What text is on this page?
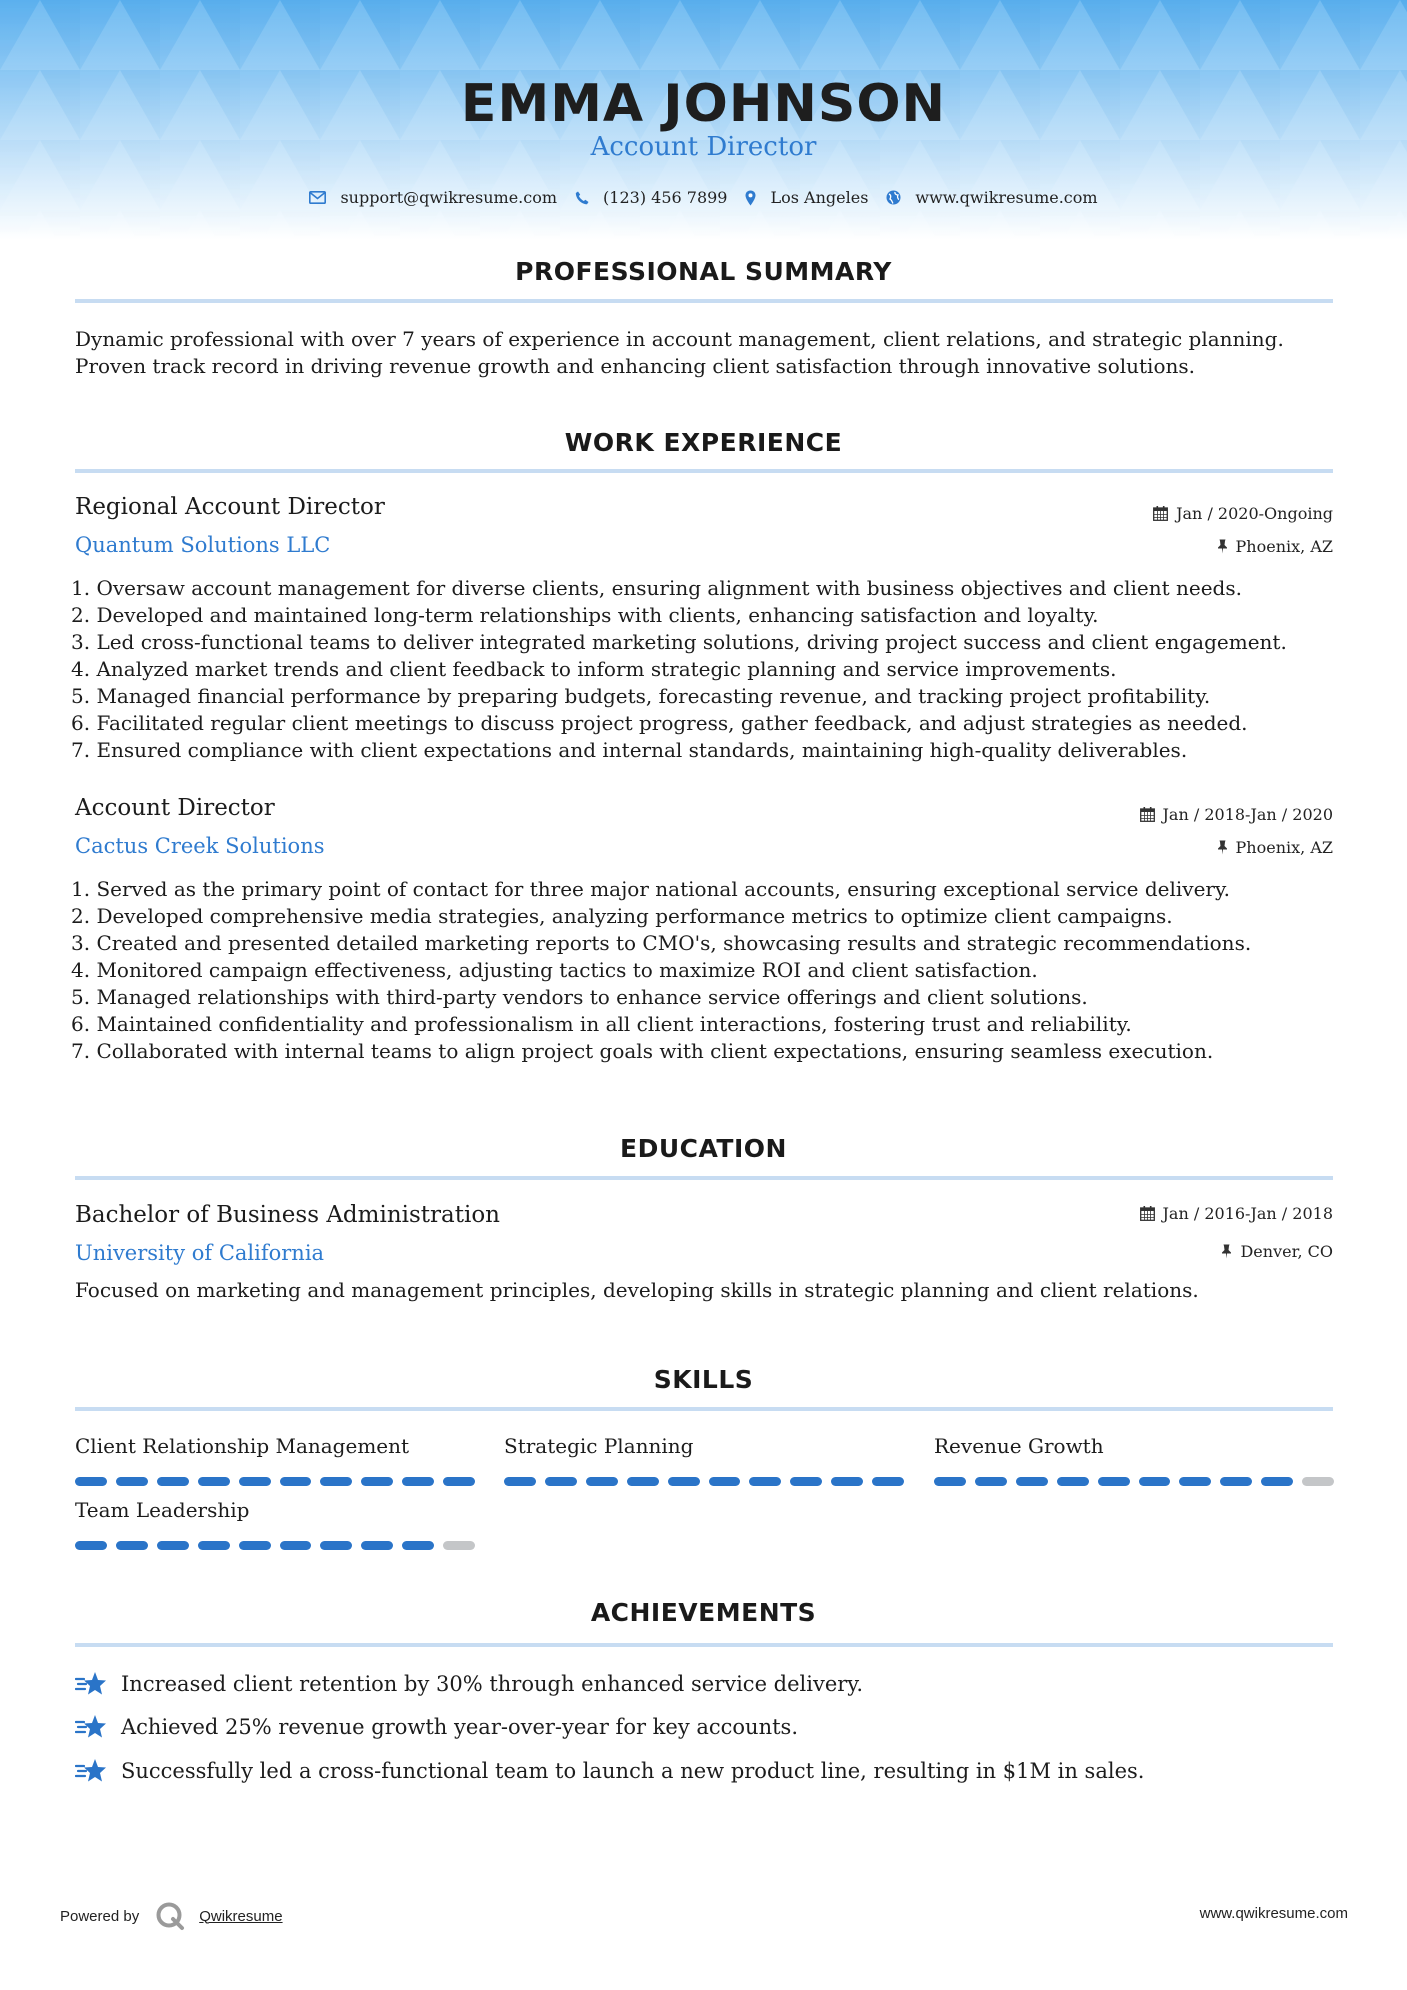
EMMA JOHNSON
Account Director
support@qwikresume.com	(123) 456 7899	Los Angeles	www.qwikresume.com
PROFESSIONAL SUMMARY
Dynamic professional with over 7 years of experience in account management, client relations, and strategic planning. Proven track record in driving revenue growth and enhancing client satisfaction through innovative solutions.
WORK EXPERIENCE
Regional Account Director
Quantum Solutions LLC
Jan / 2020-Ongoing
Phoenix, AZ
1. Oversaw account management for diverse clients, ensuring alignment with business objectives and client needs.
2. Developed and maintained long-term relationships with clients, enhancing satisfaction and loyalty.
3. Led cross-functional teams to deliver integrated marketing solutions, driving project success and client engagement.
4. Analyzed market trends and client feedback to inform strategic planning and service improvements.
5. Managed financial performance by preparing budgets, forecasting revenue, and tracking project profitability.
6. Facilitated regular client meetings to discuss project progress, gather feedback, and adjust strategies as needed.
7. Ensured compliance with client expectations and internal standards, maintaining high-quality deliverables.
Account Director
Cactus Creek Solutions
Jan / 2018-Jan / 2020
Phoenix, AZ
1. Served as the primary point of contact for three major national accounts, ensuring exceptional service delivery.
2. Developed comprehensive media strategies, analyzing performance metrics to optimize client campaigns.
3. Created and presented detailed marketing reports to CMO's, showcasing results and strategic recommendations.
4. Monitored campaign effectiveness, adjusting tactics to maximize ROI and client satisfaction.
5. Managed relationships with third-party vendors to enhance service offerings and client solutions.
6. Maintained confidentiality and professionalism in all client interactions, fostering trust and reliability.
7. Collaborated with internal teams to align project goals with client expectations, ensuring seamless execution.
EDUCATION
Bachelor of Business Administration
University of California
Jan / 2016-Jan / 2018
Denver, CO
Focused on marketing and management principles, developing skills in strategic planning and client relations.
SKILLS
Client Relationship Management	Strategic Planning	Revenue Growth
Team Leadership
ACHIEVEMENTS
Increased client retention by 30% through enhanced service delivery.
Achieved 25% revenue growth year-over-year for key accounts.
Successfully led a cross-functional team to launch a new product line, resulting in $1M in sales.
Powered by	Qwikresume	www.qwikresume.com
